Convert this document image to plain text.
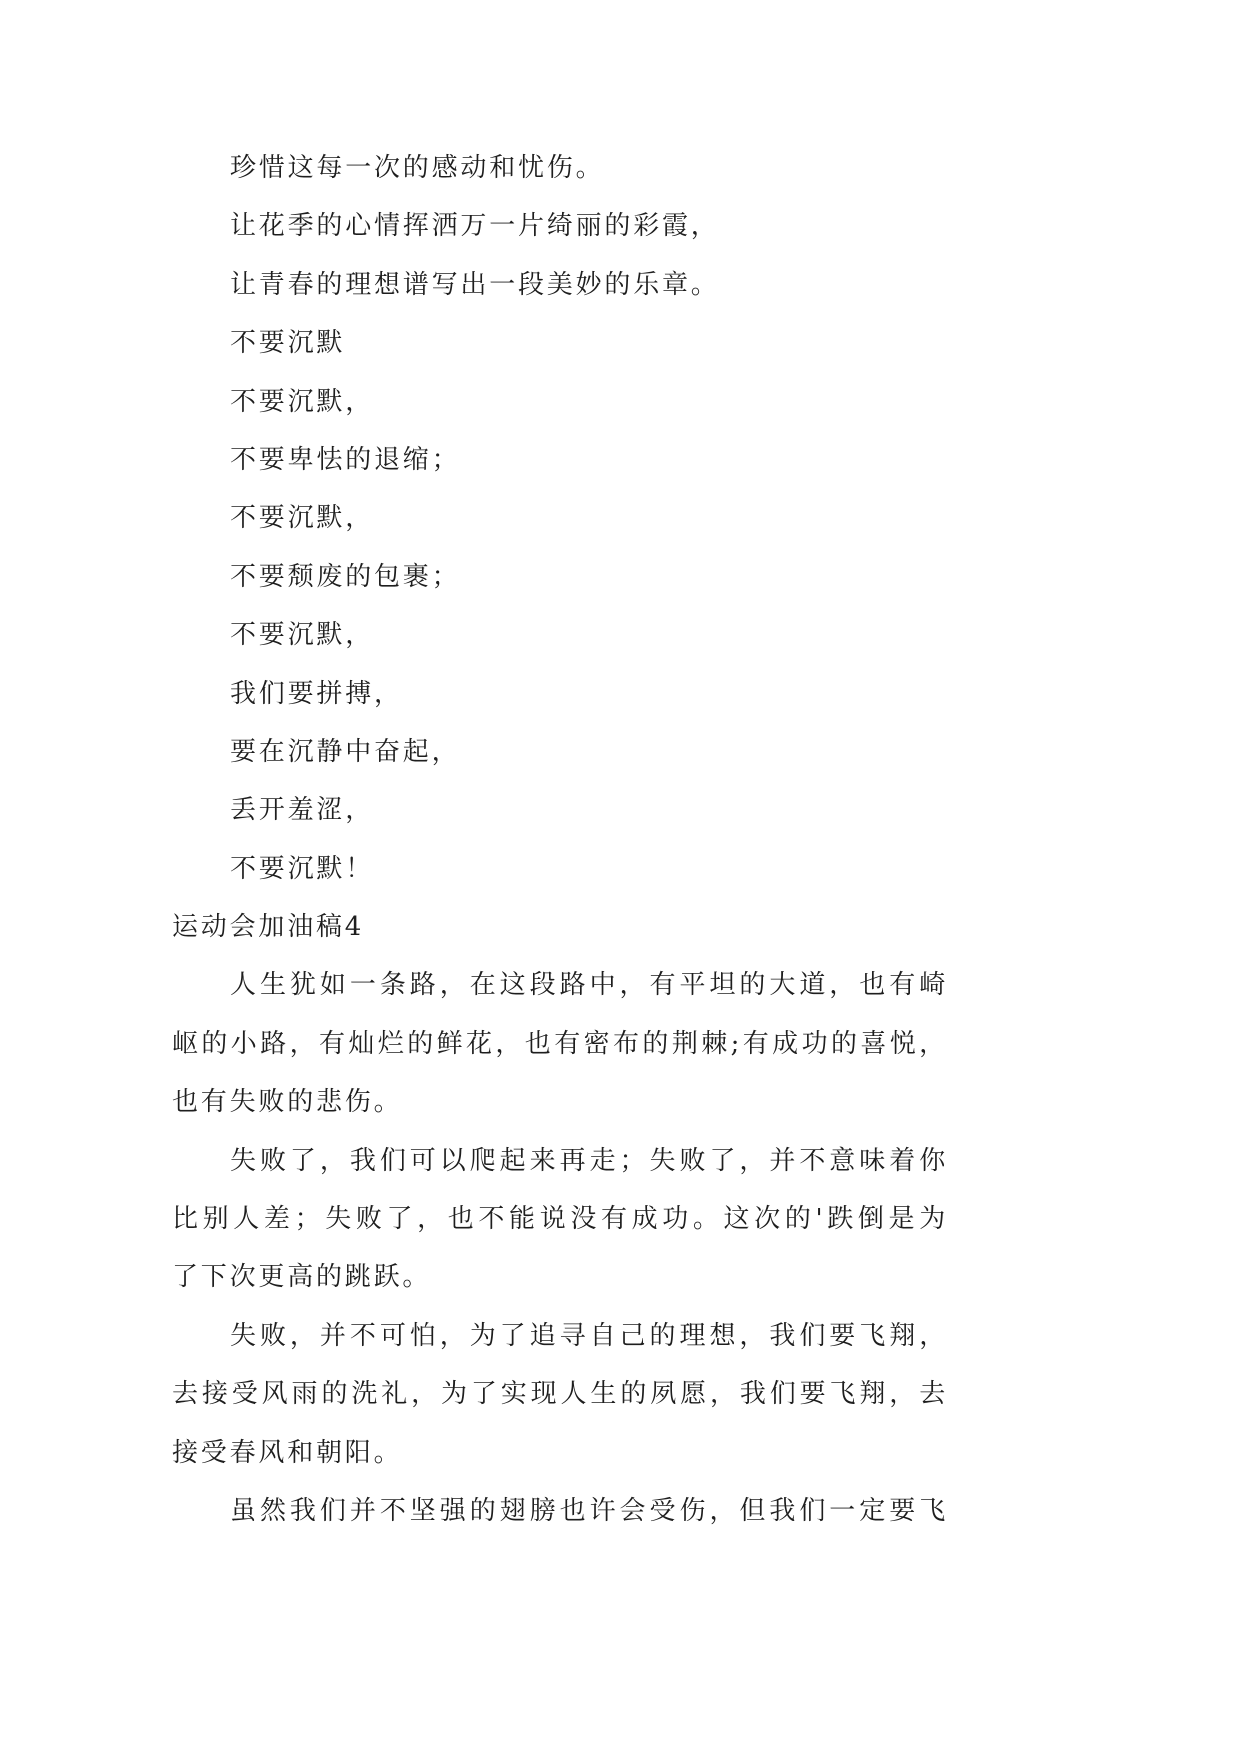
珍惜这每一次的感动和忧伤。
让花季的心情挥洒万一片绮丽的彩霞，
让青春的理想谱写出一段美妙的乐章。
不要沉默
不要沉默，
不要卑怯的退缩；
不要沉默，
不要颓废的包裹；
不要沉默，
我们要拼搏，
要在沉静中奋起，
丢开羞涩，
不要沉默！
运动会加油稿4
人生犹如一条路，在这段路中，有平坦的大道，也有崎
岖的小路，有灿烂的鲜花，也有密布的荆棘;有成功的喜悦，
也有失败的悲伤。
失败了，我们可以爬起来再走；失败了，并不意味着你
比别人差；失败了，也不能说没有成功。这次的'跌倒是为
了下次更高的跳跃。
失败，并不可怕，为了追寻自己的理想，我们要飞翔，
去接受风雨的洗礼，为了实现人生的夙愿，我们要飞翔，去
接受春风和朝阳。
虽然我们并不坚强的翅膀也许会受伤，但我们一定要飞
